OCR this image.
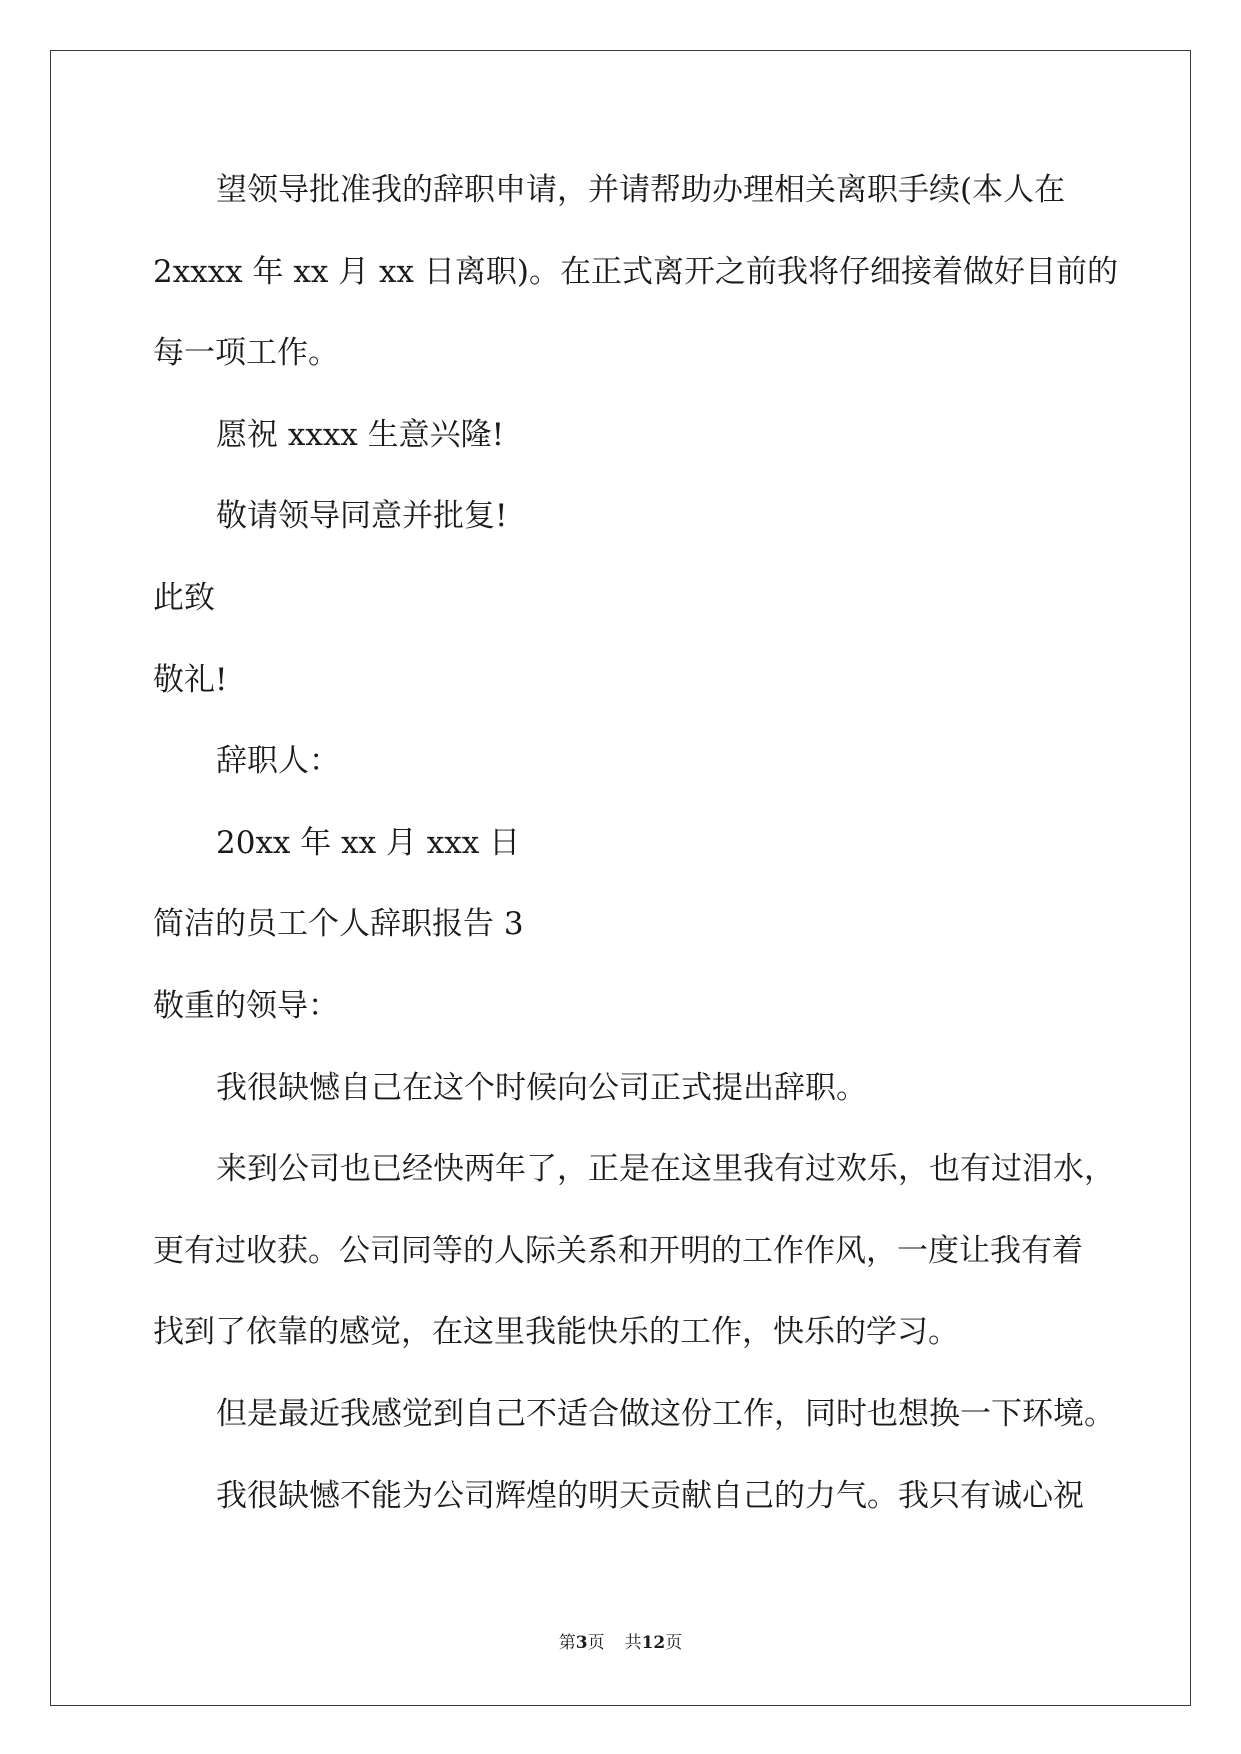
望领导批准我的辞职申请，并请帮助办理相关离职手续(本人在
2xxxx 年 xx 月 xx 日离职)。在正式离开之前我将仔细接着做好目前的
每一项工作。
愿祝 xxxx 生意兴隆!
敬请领导同意并批复!
此致
敬礼!
辞职人：
20xx 年 xx 月 xxx 日
简洁的员工个人辞职报告 3
敬重的领导：
我很缺憾自己在这个时候向公司正式提出辞职。
来到公司也已经快两年了，正是在这里我有过欢乐，也有过泪水，
更有过收获。公司同等的人际关系和开明的工作作风，一度让我有着
找到了依靠的感觉，在这里我能快乐的工作，快乐的学习。
但是最近我感觉到自己不适合做这份工作，同时也想换一下环境。
我很缺憾不能为公司辉煌的明天贡献自己的力气。我只有诚心祝
第3页 共12页
